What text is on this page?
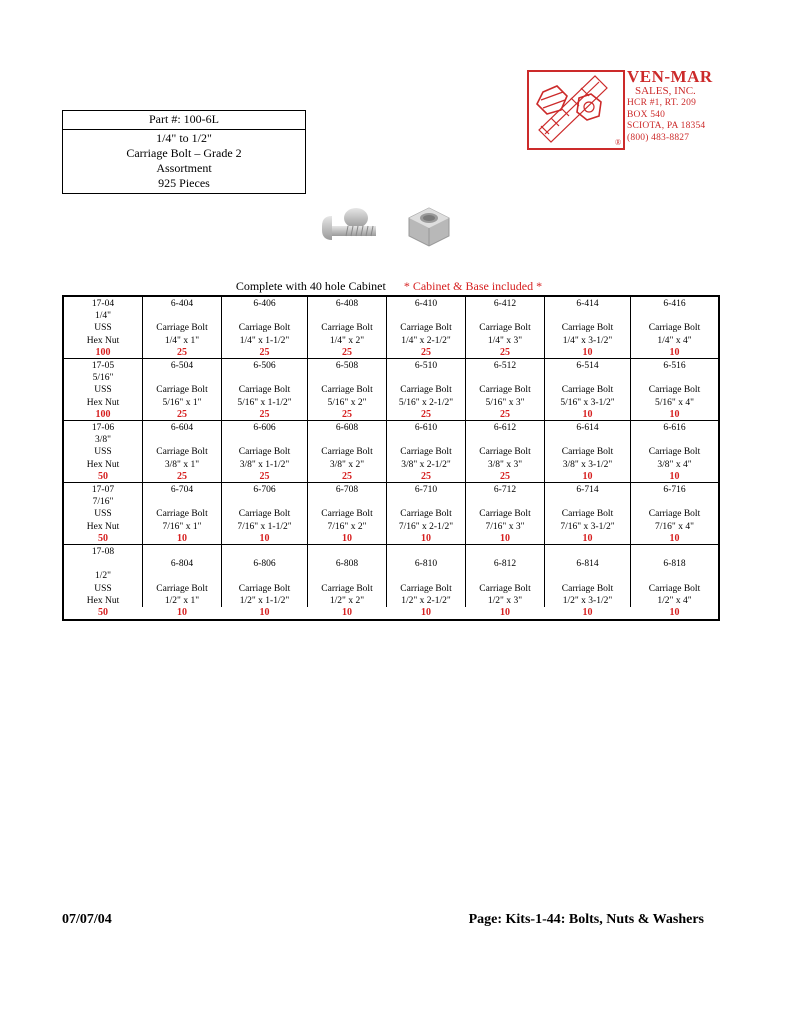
VEN-MAR
SALES, INC.
HCR #1, RT. 209
BOX 540
SCIOTA, PA 18354
(800) 483-8827
®
Part #: 100-6L
1/4" to 1/2"
Carriage Bolt – Grade 2
Assortment
925 Pieces
Complete with 40 hole Cabinet * Cabinet & Base included *
17-04
1/4"
USS
Hex Nut
100
6-404
Carriage Bolt
1/4" x 1"
25
6-406
Carriage Bolt
1/4" x 1-1/2"
25
6-408
Carriage Bolt
1/4" x 2"
25
6-410
Carriage Bolt
1/4" x 2-1/2"
25
6-412
Carriage Bolt
1/4" x 3"
25
6-414
Carriage Bolt
1/4" x 3-1/2"
10
6-416
Carriage Bolt
1/4" x 4"
10
17-05
5/16"
USS
Hex Nut
100
6-504
Carriage Bolt
5/16" x 1"
25
6-506
Carriage Bolt
5/16" x 1-1/2"
25
6-508
Carriage Bolt
5/16" x 2"
25
6-510
Carriage Bolt
5/16" x 2-1/2"
25
6-512
Carriage Bolt
5/16" x 3"
25
6-514
Carriage Bolt
5/16" x 3-1/2"
10
6-516
Carriage Bolt
5/16" x 4"
10
17-06
3/8"
USS
Hex Nut
50
6-604
Carriage Bolt
3/8" x 1"
25
6-606
Carriage Bolt
3/8" x 1-1/2"
25
6-608
Carriage Bolt
3/8" x 2"
25
6-610
Carriage Bolt
3/8" x 2-1/2"
25
6-612
Carriage Bolt
3/8" x 3"
25
6-614
Carriage Bolt
3/8" x 3-1/2"
10
6-616
Carriage Bolt
3/8" x 4"
10
17-07
7/16"
USS
Hex Nut
50
6-704
Carriage Bolt
7/16" x 1"
10
6-706
Carriage Bolt
7/16" x 1-1/2"
10
6-708
Carriage Bolt
7/16" x 2"
10
6-710
Carriage Bolt
7/16" x 2-1/2"
10
6-712
Carriage Bolt
7/16" x 3"
10
6-714
Carriage Bolt
7/16" x 3-1/2"
10
6-716
Carriage Bolt
7/16" x 4"
10
17-08
1/2"
USS
Hex Nut
50
6-804
Carriage Bolt
1/2" x 1"
10
6-806
Carriage Bolt
1/2" x 1-1/2"
10
6-808
Carriage Bolt
1/2" x 2"
10
6-810
Carriage Bolt
1/2" x 2-1/2"
10
6-812
Carriage Bolt
1/2" x 3"
10
6-814
Carriage Bolt
1/2" x 3-1/2"
10
6-818
Carriage Bolt
1/2" x 4"
10
07/07/04	Page: Kits-1-44: Bolts, Nuts & Washers
